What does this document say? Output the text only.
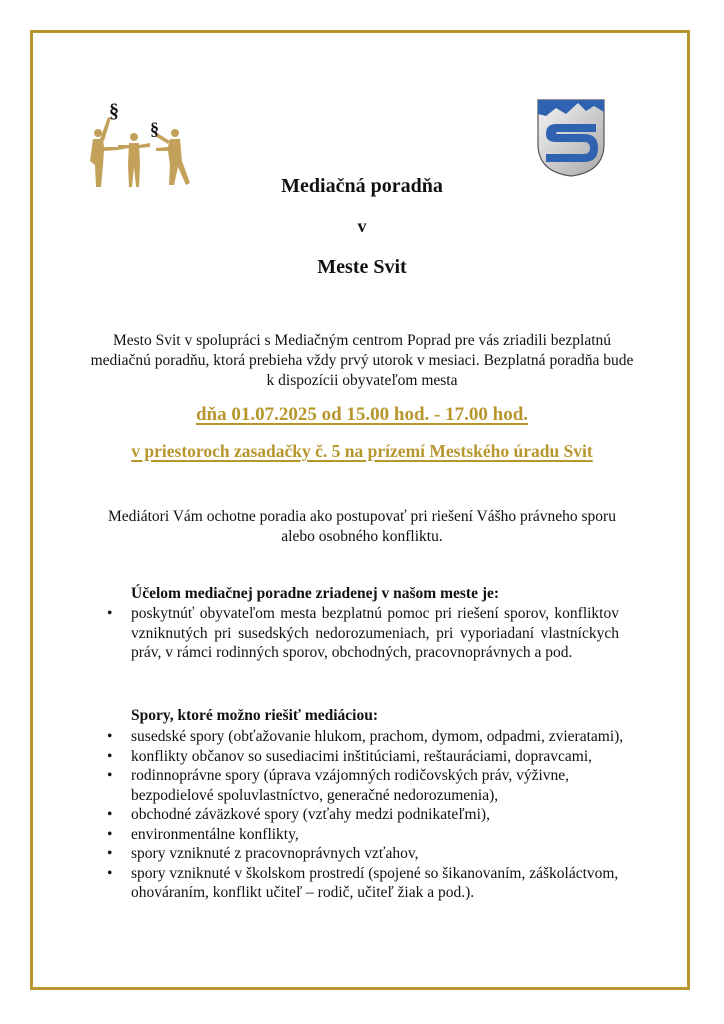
§
§
Mediačná poradňa
v
Meste Svit
Mesto Svit v spolupráci s Mediačným centrom Poprad pre vás zriadili bezplatnú mediačnú poradňu, ktorá prebieha vždy prvý utorok v mesiaci. Bezplatná poradňa bude k dispozícii obyvateľom mesta
dňa 01.07.2025 od 15.00 hod. - 17.00 hod.
v priestoroch zasadačky č. 5 na prízemí Mestského úradu Svit
Mediátori Vám ochotne poradia ako postupovať pri riešení Vášho právneho sporu alebo osobného konfliktu.
Účelom mediačnej poradne zriadenej v našom meste je:
• poskytnúť obyvateľom mesta bezplatnú pomoc pri riešení sporov, konfliktov vzniknutých pri susedských nedorozumeniach, pri vyporiadaní vlastníckych práv, v rámci rodinných sporov, obchodných, pracovnoprávnych a pod.
Spory, ktoré možno riešiť mediáciou:
• susedské spory (obťažovanie hlukom, prachom, dymom, odpadmi, zvieratami),
• konflikty občanov so susediacimi inštitúciami, reštauráciami, dopravcami,
• rodinnoprávne spory (úprava vzájomných rodičovských práv, výživne, bezpodielové spoluvlastníctvo, generačné nedorozumenia),
• obchodné záväzkové spory (vzťahy medzi podnikateľmi),
• environmentálne konflikty,
• spory vzniknuté z pracovnoprávnych vzťahov,
• spory vzniknuté v školskom prostredí (spojené so šikanovaním, záškoláctvom, ohováraním, konflikt učiteľ – rodič, učiteľ žiak a pod.).
